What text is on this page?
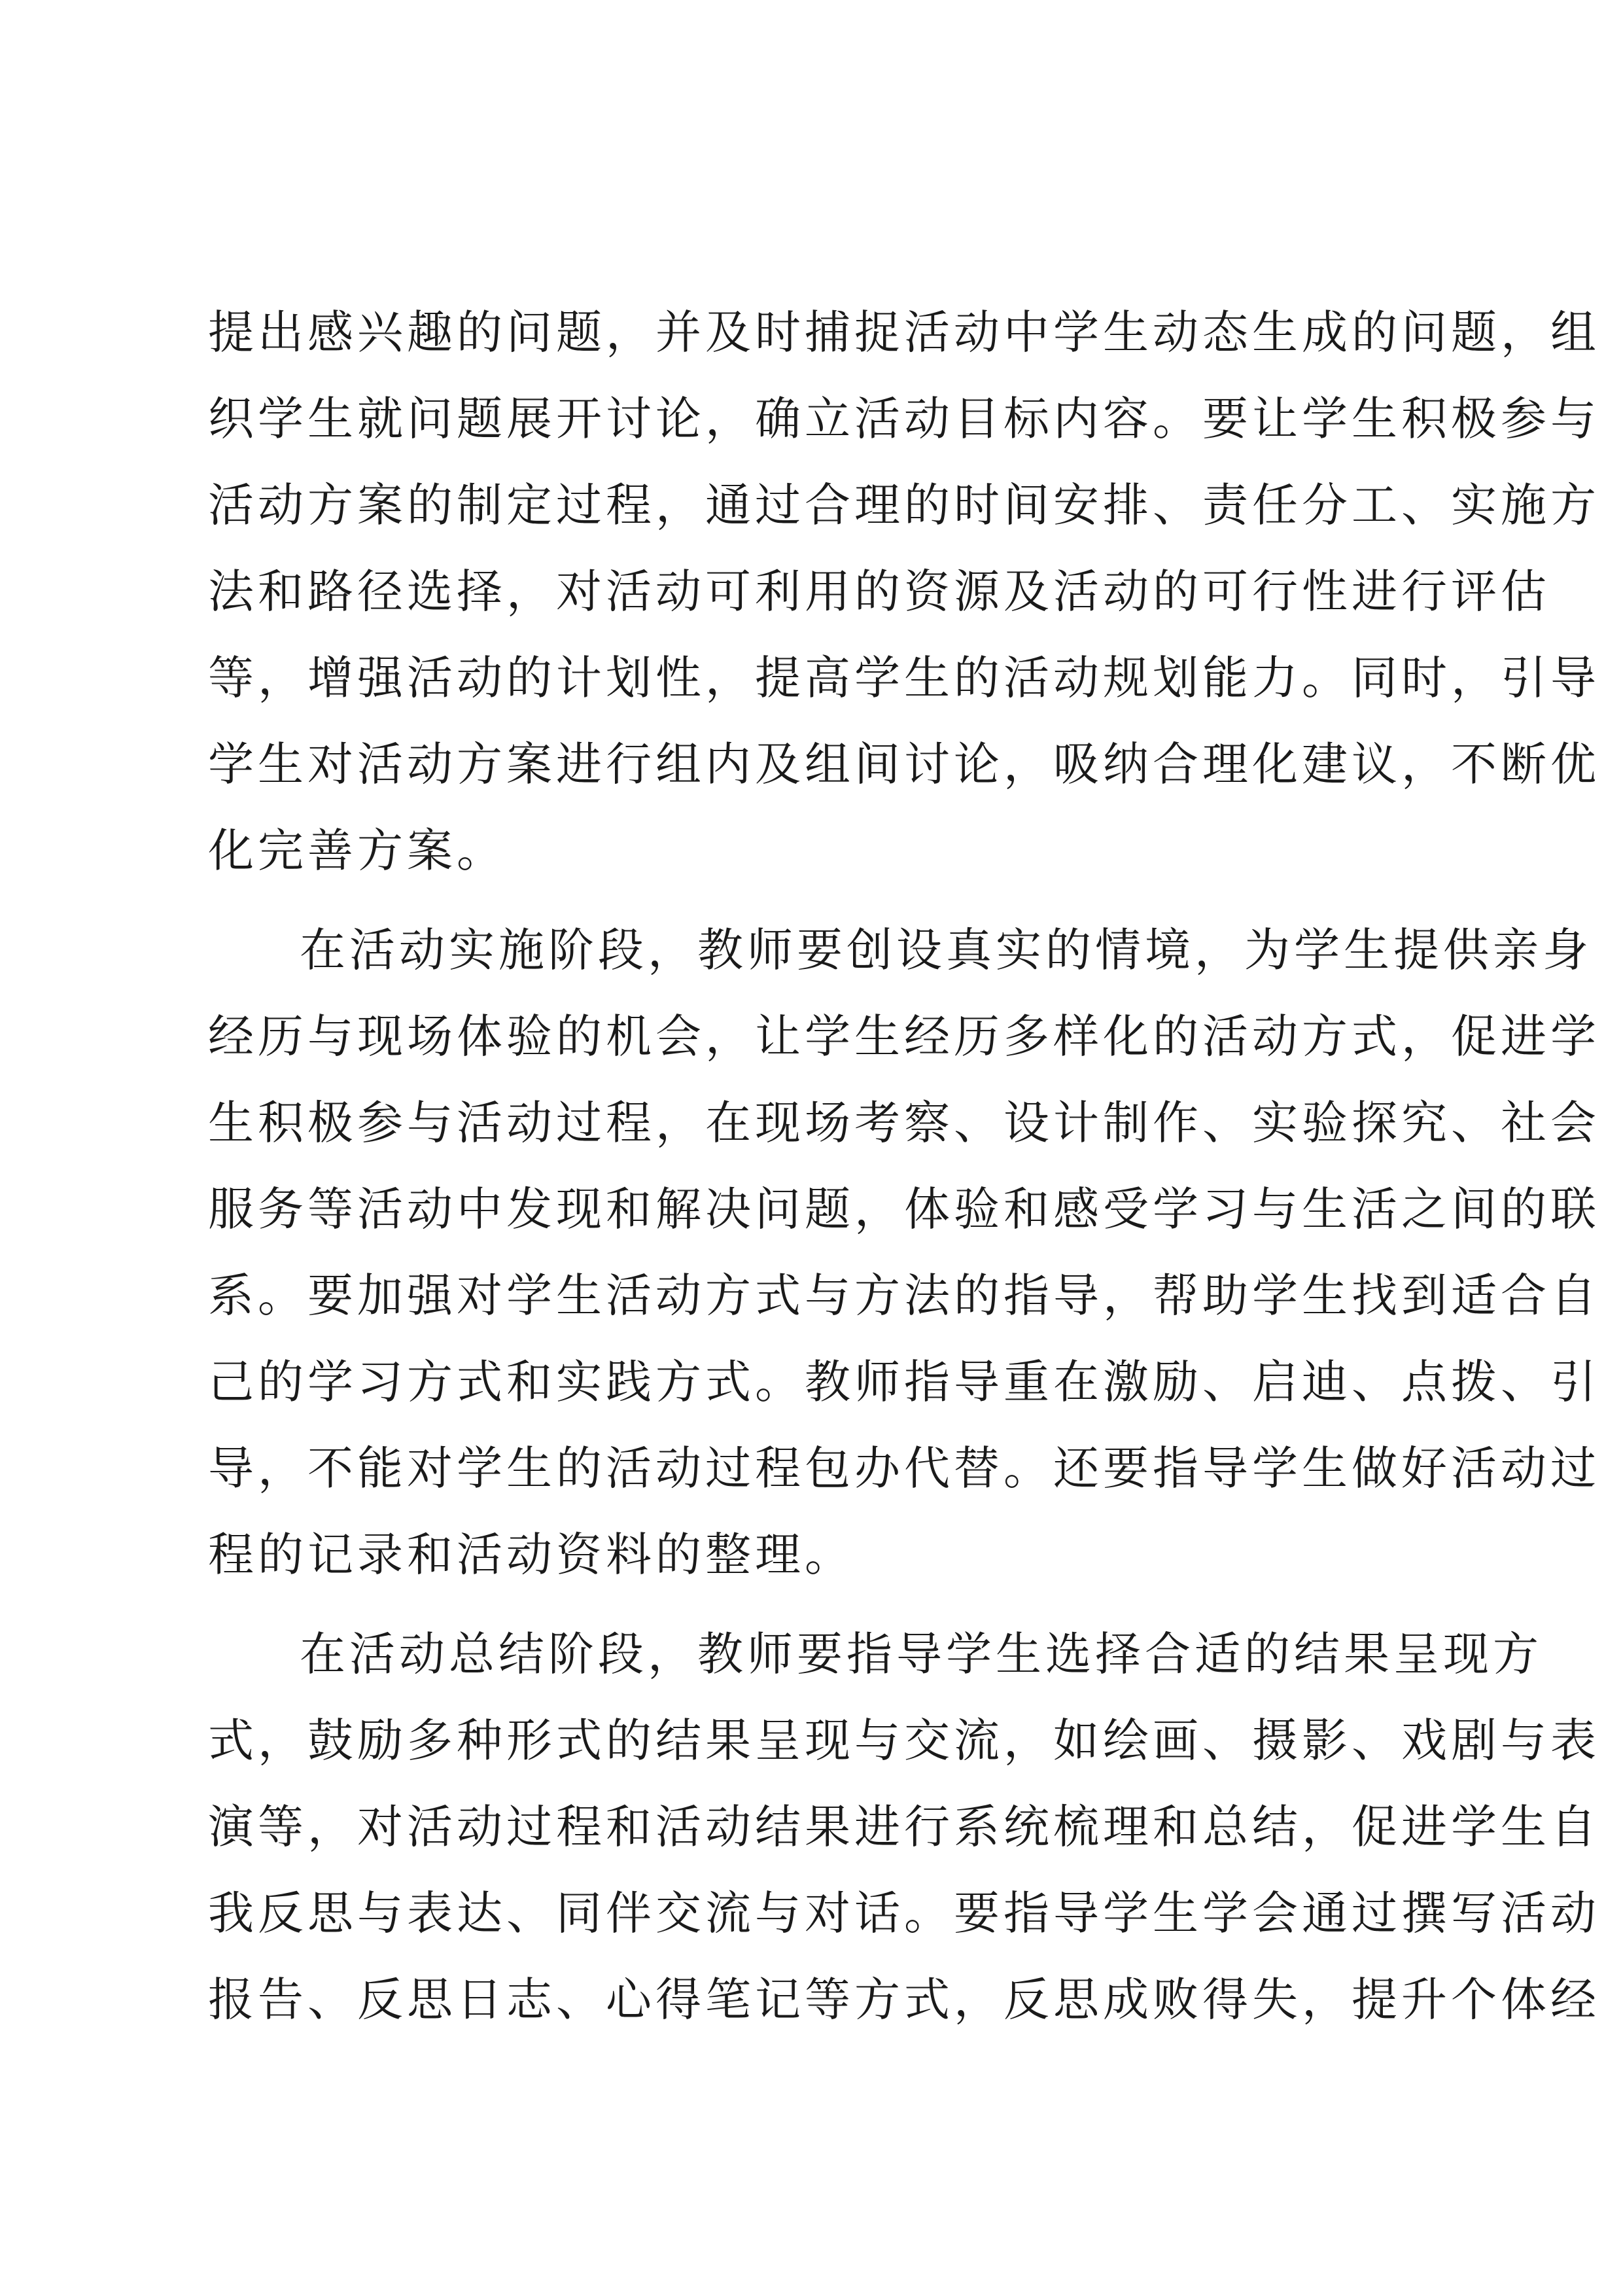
提出感兴趣的问题，并及时捕捉活动中学生动态生成的问题，组
织学生就问题展开讨论，确立活动目标内容。要让学生积极参与
活动方案的制定过程，通过合理的时间安排、责任分工、实施方
法和路径选择，对活动可利用的资源及活动的可行性进行评估
等，增强活动的计划性，提高学生的活动规划能力。同时，引导
学生对活动方案进行组内及组间讨论，吸纳合理化建议，不断优
化完善方案。
在活动实施阶段，教师要创设真实的情境，为学生提供亲身
经历与现场体验的机会，让学生经历多样化的活动方式，促进学
生积极参与活动过程，在现场考察、设计制作、实验探究、社会
服务等活动中发现和解决问题，体验和感受学习与生活之间的联
系。要加强对学生活动方式与方法的指导，帮助学生找到适合自
己的学习方式和实践方式。教师指导重在激励、启迪、点拨、引
导，不能对学生的活动过程包办代替。还要指导学生做好活动过
程的记录和活动资料的整理。
在活动总结阶段，教师要指导学生选择合适的结果呈现方
式，鼓励多种形式的结果呈现与交流，如绘画、摄影、戏剧与表
演等，对活动过程和活动结果进行系统梳理和总结，促进学生自
我反思与表达、同伴交流与对话。要指导学生学会通过撰写活动
报告、反思日志、心得笔记等方式，反思成败得失，提升个体经
